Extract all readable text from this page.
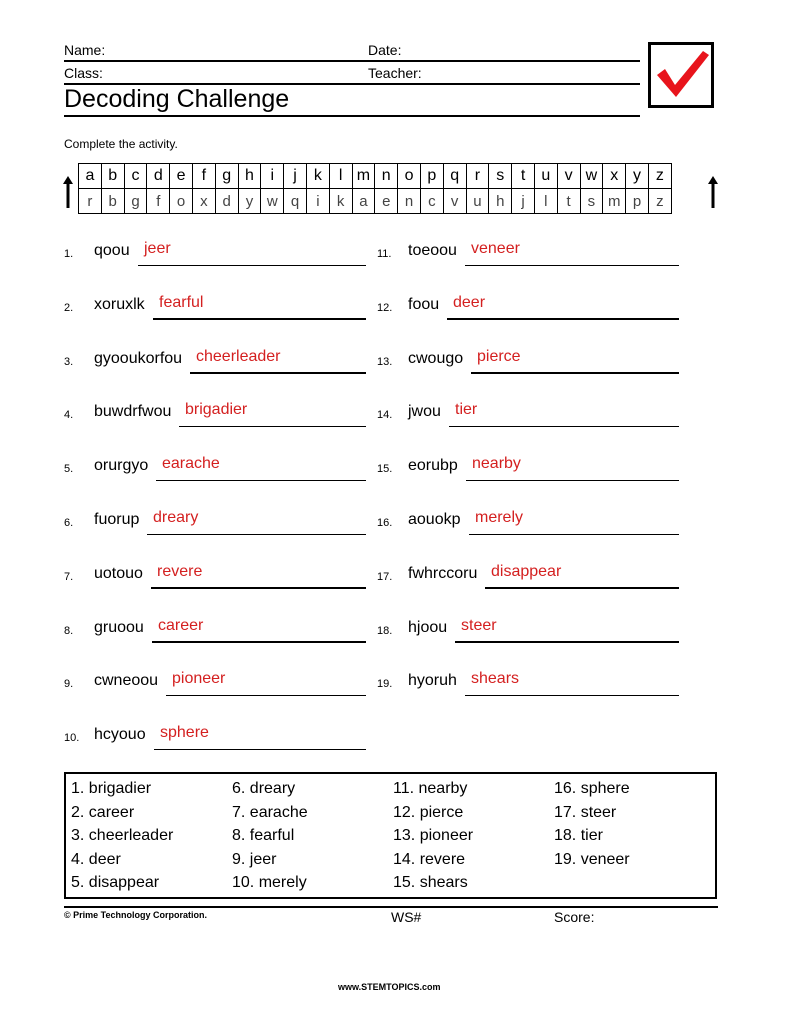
Name:	Date:
Class:	Teacher:
Decoding Challenge
Complete the activity.
a	b	c	d	e	f	g	h	i	j	k	l	m	n	o	p	q	r	s	t	u	v	w	x	y	z
r	b	g	f	o	x	d	y	w	q	i	k	a	e	n	c	v	u	h	j	l	t	s	m	p	z
1. qoou jeer
2. xoruxlk fearful
3. gyooukorfou cheerleader
4. buwdrfwou brigadier
5. orurgyo earache
6. fuorup dreary
7. uotouo revere
8. gruoou career
9. cwneoou pioneer
10. hcyouo sphere
11. toeoou veneer
12. foou deer
13. cwougo pierce
14. jwou tier
15. eorubp nearby
16. aouokp merely
17. fwhrccoru disappear
18. hjoou steer
19. hyoruh shears
1. brigadier
2. career
3. cheerleader
4. deer
5. disappear
6. dreary
7. earache
8. fearful
9. jeer
10. merely
11. nearby
12. pierce
13. pioneer
14. revere
15. shears
16. sphere
17. steer
18. tier
19. veneer
© Prime Technology Corporation.	WS#	Score:
www.STEMTOPICS.com
